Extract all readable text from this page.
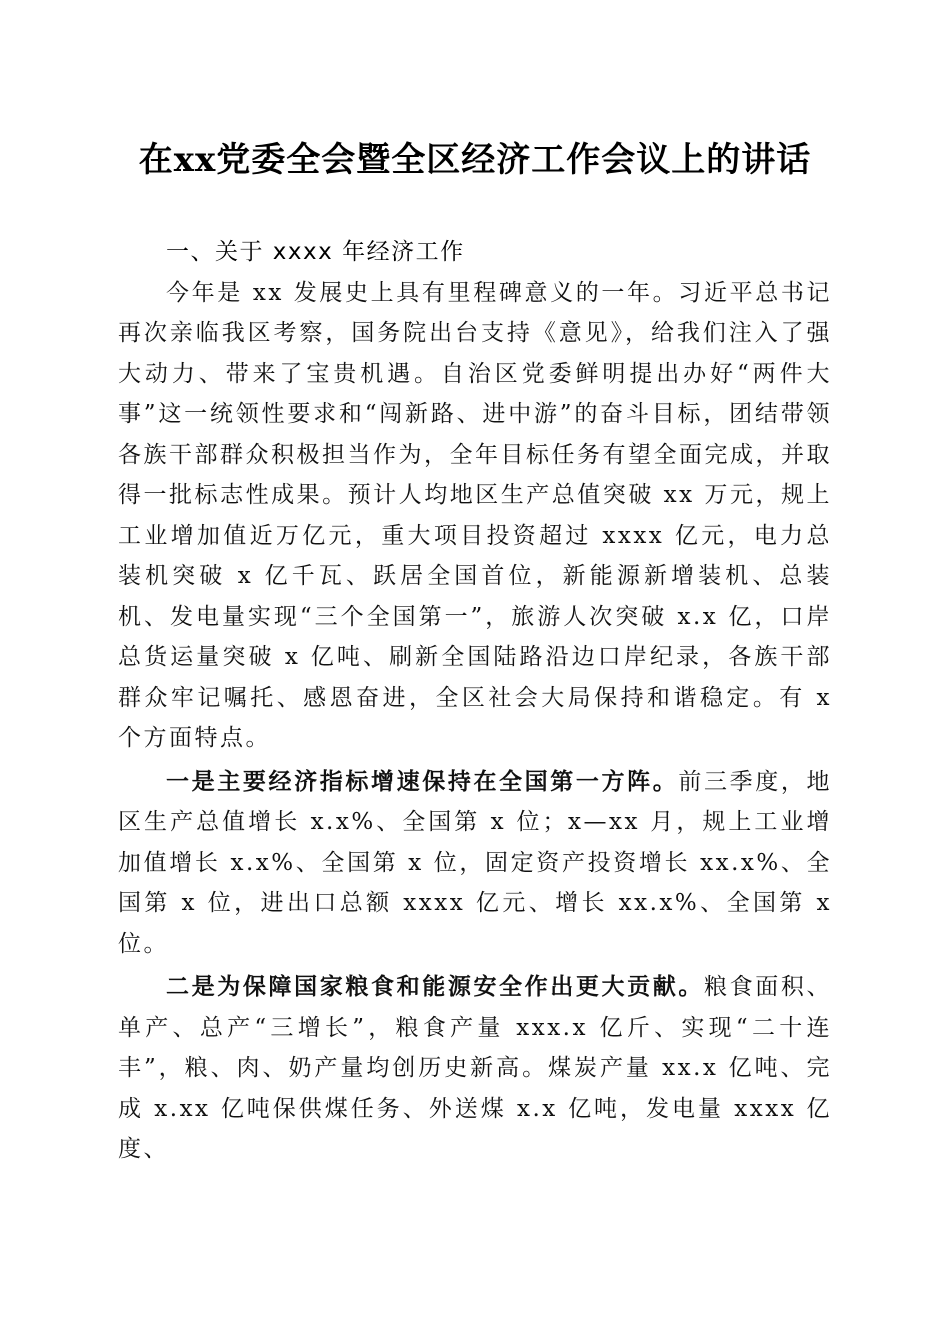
在xx党委全会暨全区经济工作会议上的讲话

一、关于 xxxx 年经济工作

今年是 xx 发展史上具有里程碑意义的一年。习近平总书记再次亲临我区考察，国务院出台支持《意见》，给我们注入了强大动力、带来了宝贵机遇。自治区党委鲜明提出办好“两件大事”这一统领性要求和“闯新路、进中游”的奋斗目标，团结带领各族干部群众积极担当作为，全年目标任务有望全面完成，并取得一批标志性成果。预计人均地区生产总值突破 xx 万元，规上工业增加值近万亿元，重大项目投资超过 xxxx 亿元，电力总装机突破 x 亿千瓦、跃居全国首位，新能源新增装机、总装机、发电量实现“三个全国第一”，旅游人次突破 x.x 亿，口岸总货运量突破 x 亿吨、刷新全国陆路沿边口岸纪录，各族干部群众牢记嘱托、感恩奋进，全区社会大局保持和谐稳定。有 x 个方面特点。

一是主要经济指标增速保持在全国第一方阵。前三季度，地区生产总值增长 x.x%、全国第 x 位；x—xx 月，规上工业增加值增长 x.x%、全国第 x 位，固定资产投资增长 xx.x%、全国第 x 位，进出口总额 xxxx 亿元、增长 xx.x%、全国第 x 位。

二是为保障国家粮食和能源安全作出更大贡献。粮食面积、单产、总产“三增长”，粮食产量 xxx.x 亿斤、实现“二十连丰”，粮、肉、奶产量均创历史新高。煤炭产量 xx.x 亿吨、完成 x.xx 亿吨保供煤任务、外送煤 x.x 亿吨，发电量 xxxx 亿度、
